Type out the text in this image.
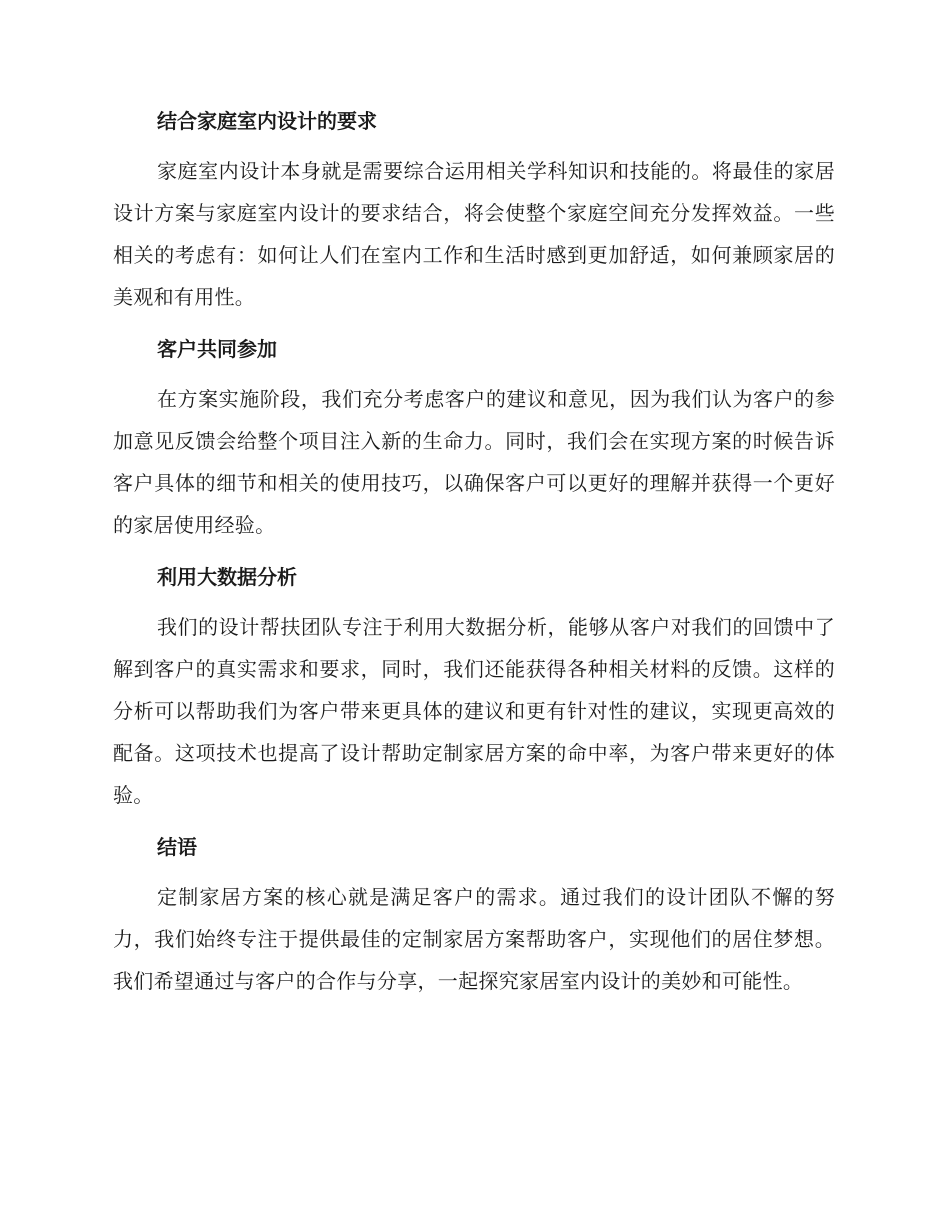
结合家庭室内设计的要求

家庭室内设计本身就是需要综合运用相关学科知识和技能的。将最佳的家居设计方案与家庭室内设计的要求结合，将会使整个家庭空间充分发挥效益。一些相关的考虑有：如何让人们在室内工作和生活时感到更加舒适，如何兼顾家居的美观和有用性。

客户共同参加

在方案实施阶段，我们充分考虑客户的建议和意见，因为我们认为客户的参加意见反馈会给整个项目注入新的生命力。同时，我们会在实现方案的时候告诉客户具体的细节和相关的使用技巧，以确保客户可以更好的理解并获得一个更好的家居使用经验。

利用大数据分析

我们的设计帮扶团队专注于利用大数据分析，能够从客户对我们的回馈中了解到客户的真实需求和要求，同时，我们还能获得各种相关材料的反馈。这样的分析可以帮助我们为客户带来更具体的建议和更有针对性的建议，实现更高效的配备。这项技术也提高了设计帮助定制家居方案的命中率，为客户带来更好的体验。

结语

定制家居方案的核心就是满足客户的需求。通过我们的设计团队不懈的努力，我们始终专注于提供最佳的定制家居方案帮助客户，实现他们的居住梦想。我们希望通过与客户的合作与分享，一起探究家居室内设计的美妙和可能性。
